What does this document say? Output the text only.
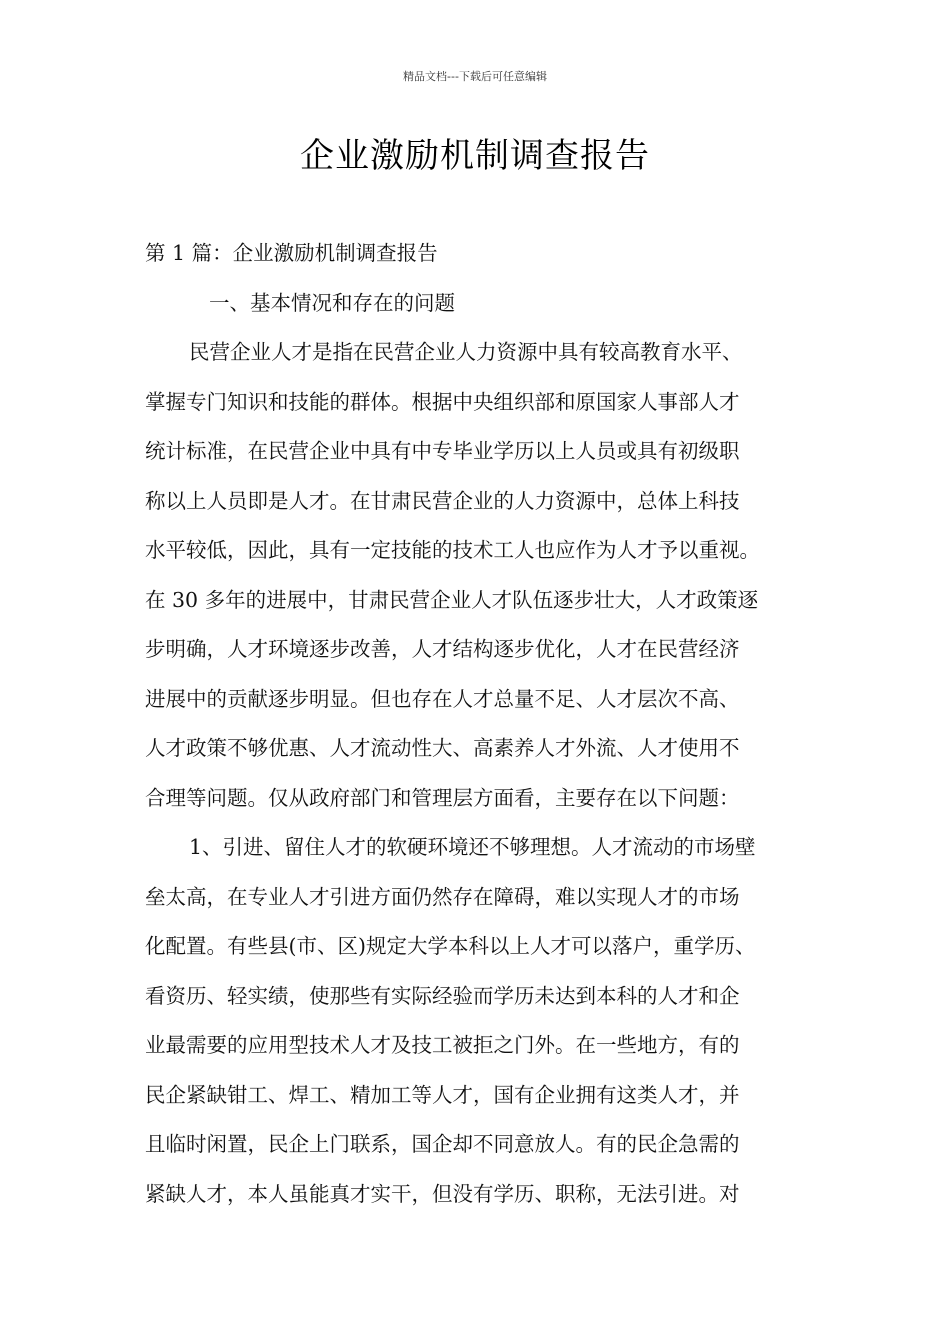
精品文档---下载后可任意编辑
企业激励机制调查报告
第 1 篇：企业激励机制调查报告
一、基本情况和存在的问题
民营企业人才是指在民营企业人力资源中具有较高教育水平、
掌握专门知识和技能的群体。根据中央组织部和原国家人事部人才
统计标准，在民营企业中具有中专毕业学历以上人员或具有初级职
称以上人员即是人才。在甘肃民营企业的人力资源中，总体上科技
水平较低，因此，具有一定技能的技术工人也应作为人才予以重视。
在 30 多年的进展中，甘肃民营企业人才队伍逐步壮大，人才政策逐
步明确，人才环境逐步改善，人才结构逐步优化，人才在民营经济
进展中的贡献逐步明显。但也存在人才总量不足、人才层次不高、
人才政策不够优惠、人才流动性大、高素养人才外流、人才使用不
合理等问题。仅从政府部门和管理层方面看，主要存在以下问题：
1、引进、留住人才的软硬环境还不够理想。人才流动的市场壁
垒太高，在专业人才引进方面仍然存在障碍，难以实现人才的市场
化配置。有些县(市、区)规定大学本科以上人才可以落户，重学历、
看资历、轻实绩，使那些有实际经验而学历未达到本科的人才和企
业最需要的应用型技术人才及技工被拒之门外。在一些地方，有的
民企紧缺钳工、焊工、精加工等人才，国有企业拥有这类人才，并
且临时闲置，民企上门联系，国企却不同意放人。有的民企急需的
紧缺人才，本人虽能真才实干，但没有学历、职称，无法引进。对
